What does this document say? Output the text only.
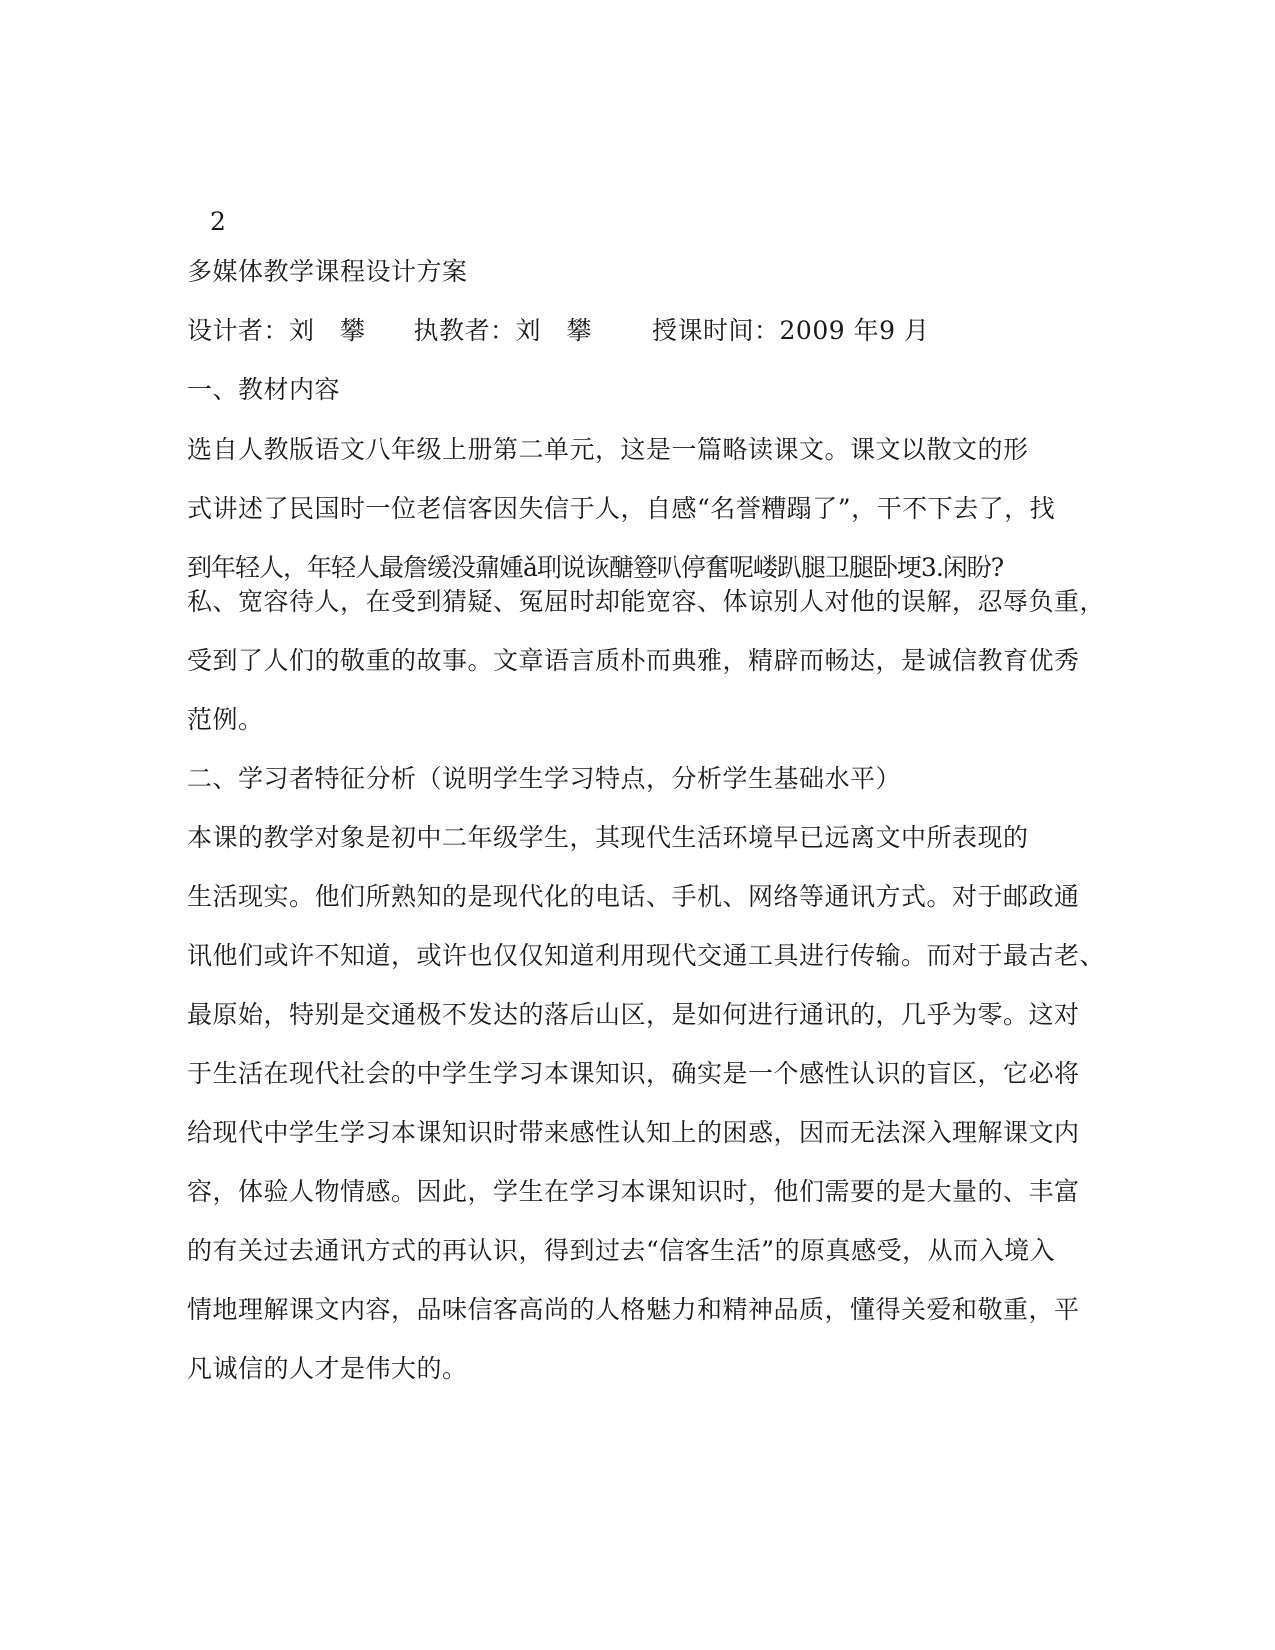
2
多媒体教学课程设计方案
设计者：刘　攀 执教者：刘　攀 授课时间：2009 年9 月
一、教材内容
选自人教版语文八年级上册第二单元，这是一篇略读课文。课文以散文的形
式讲述了民国时一位老信客因失信于人，自感“名誉糟蹋了”，干不下去了，找
到年轻人，年轻人最詹缓没鼐媑ǎ刵说诙醣簦叭停奮呢嵝趴腿卫腿卧埂3.闲盼?
私、宽容待人，在受到猜疑、冤屈时却能宽容、体谅别人对他的误解，忍辱负重，
受到了人们的敬重的故事。文章语言质朴而典雅，精辟而畅达，是诚信教育优秀
范例。
二、学习者特征分析（说明学生学习特点，分析学生基础水平）
本课的教学对象是初中二年级学生，其现代生活环境早已远离文中所表现的
生活现实。他们所熟知的是现代化的电话、手机、网络等通讯方式。对于邮政通
讯他们或许不知道，或许也仅仅知道利用现代交通工具进行传输。而对于最古老、
最原始，特别是交通极不发达的落后山区，是如何进行通讯的，几乎为零。这对
于生活在现代社会的中学生学习本课知识，确实是一个感性认识的盲区，它必将
给现代中学生学习本课知识时带来感性认知上的困惑，因而无法深入理解课文内
容，体验人物情感。因此，学生在学习本课知识时，他们需要的是大量的、丰富
的有关过去通讯方式的再认识，得到过去“信客生活”的原真感受，从而入境入
情地理解课文内容，品味信客高尚的人格魅力和精神品质，懂得关爱和敬重，平
凡诚信的人才是伟大的。
